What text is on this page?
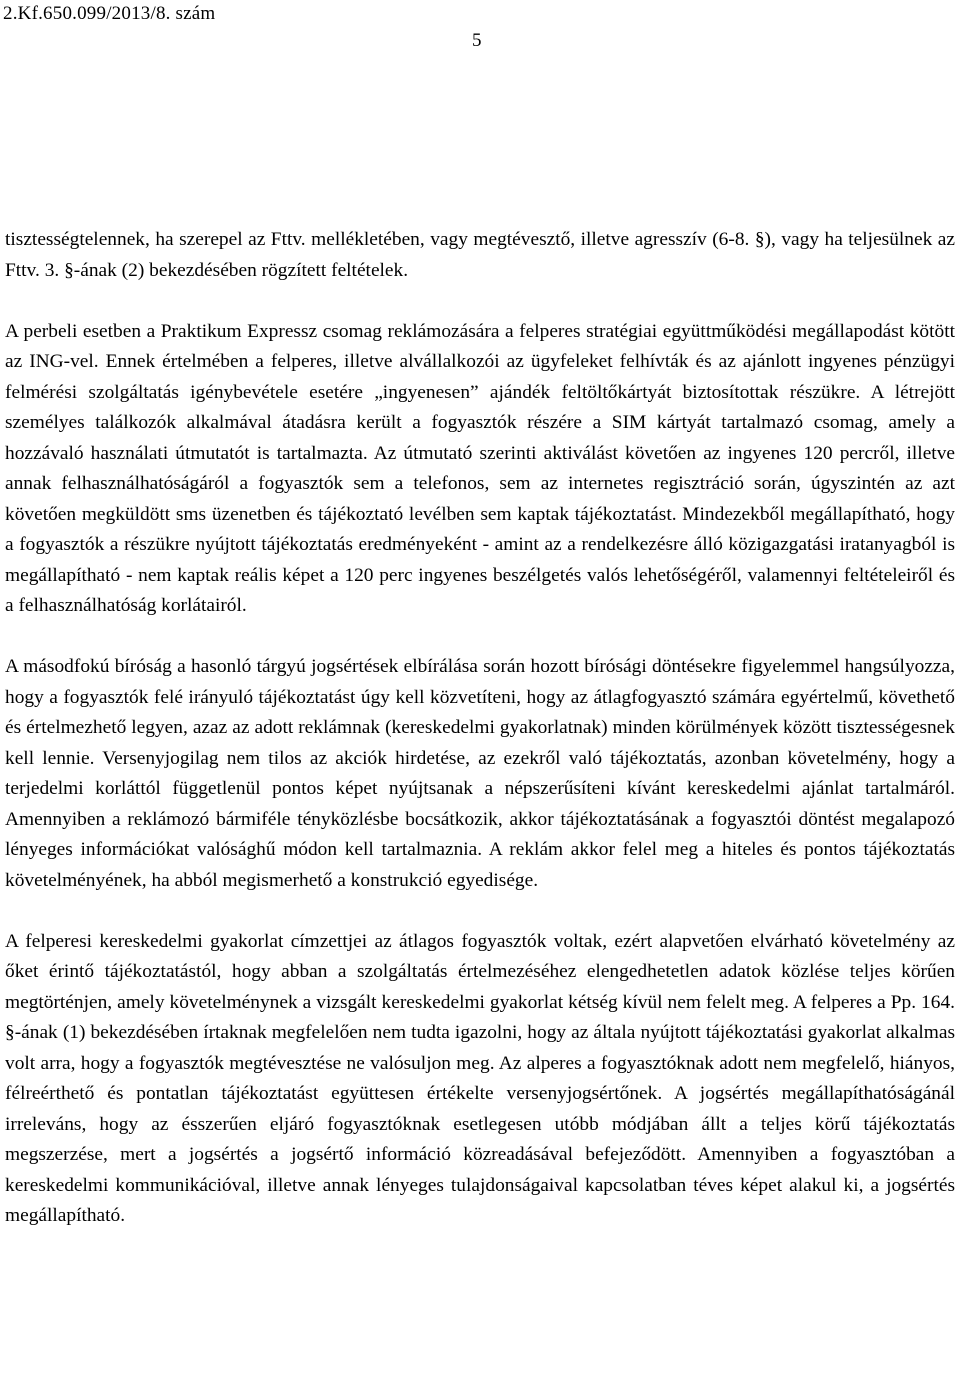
2.Kf.650.099/2013/8. szám
5

tisztességtelennek, ha szerepel az Fttv. mellékletében, vagy megtévesztő, illetve agresszív (6-8. §), vagy ha teljesülnek az Fttv. 3. §-ának (2) bekezdésében rögzített feltételek.

A perbeli esetben a Praktikum Expressz csomag reklámozására a felperes stratégiai együttműködési megállapodást kötött az ING-vel. Ennek értelmében a felperes, illetve alvállalkozói az ügyfeleket felhívták és az ajánlott ingyenes pénzügyi felmérési szolgáltatás igénybevétele esetére „ingyenesen” ajándék feltöltőkártyát biztosítottak részükre. A létrejött személyes találkozók alkalmával átadásra került a fogyasztók részére a SIM kártyát tartalmazó csomag, amely a hozzávaló használati útmutatót is tartalmazta. Az útmutató szerinti aktiválást követően az ingyenes 120 percről, illetve annak felhasználhatóságáról a fogyasztók sem a telefonos, sem az internetes regisztráció során, úgyszintén az azt követően megküldött sms üzenetben és tájékoztató levélben sem kaptak tájékoztatást. Mindezekből megállapítható, hogy a fogyasztók a részükre nyújtott tájékoztatás eredményeként - amint az a rendelkezésre álló közigazgatási iratanyagból is megállapítható - nem kaptak reális képet a 120 perc ingyenes beszélgetés valós lehetőségéről, valamennyi feltételeiről és a felhasználhatóság korlátairól.

A másodfokú bíróság a hasonló tárgyú jogsértések elbírálása során hozott bírósági döntésekre figyelemmel hangsúlyozza, hogy a fogyasztók felé irányuló tájékoztatást úgy kell közvetíteni, hogy az átlagfogyasztó számára egyértelmű, követhető és értelmezhető legyen, azaz az adott reklámnak (kereskedelmi gyakorlatnak) minden körülmények között tisztességesnek kell lennie. Versenyjogilag nem tilos az akciók hirdetése, az ezekről való tájékoztatás, azonban követelmény, hogy a terjedelmi korláttól függetlenül pontos képet nyújtsanak a népszerűsíteni kívánt kereskedelmi ajánlat tartalmáról. Amennyiben a reklámozó bármiféle tényközlésbe bocsátkozik, akkor tájékoztatásának a fogyasztói döntést megalapozó lényeges információkat valósághű módon kell tartalmaznia. A reklám akkor felel meg a hiteles és pontos tájékoztatás követelményének, ha abból megismerhető a konstrukció egyedisége.

A felperesi kereskedelmi gyakorlat címzettjei az átlagos fogyasztók voltak, ezért alapvetően elvárható követelmény az őket érintő tájékoztatástól, hogy abban a szolgáltatás értelmezéséhez elengedhetetlen adatok közlése teljes körűen megtörténjen, amely követelménynek a vizsgált kereskedelmi gyakorlat kétség kívül nem felelt meg. A felperes a Pp. 164. §-ának (1) bekezdésében írtaknak megfelelően nem tudta igazolni, hogy az általa nyújtott tájékoztatási gyakorlat alkalmas volt arra, hogy a fogyasztók megtévesztése ne valósuljon meg. Az alperes a fogyasztóknak adott nem megfelelő, hiányos, félreérthető és pontatlan tájékoztatást együttesen értékelte versenyjogsértőnek. A jogsértés megállapíthatóságánál irreleváns, hogy az ésszerűen eljáró fogyasztóknak esetlegesen utóbb módjában állt a teljes körű tájékoztatás megszerzése, mert a jogsértés a jogsértő információ közreadásával befejeződött. Amennyiben a fogyasztóban a kereskedelmi kommunikációval, illetve annak lényeges tulajdonságaival kapcsolatban téves képet alakul ki, a jogsértés megállapítható.
